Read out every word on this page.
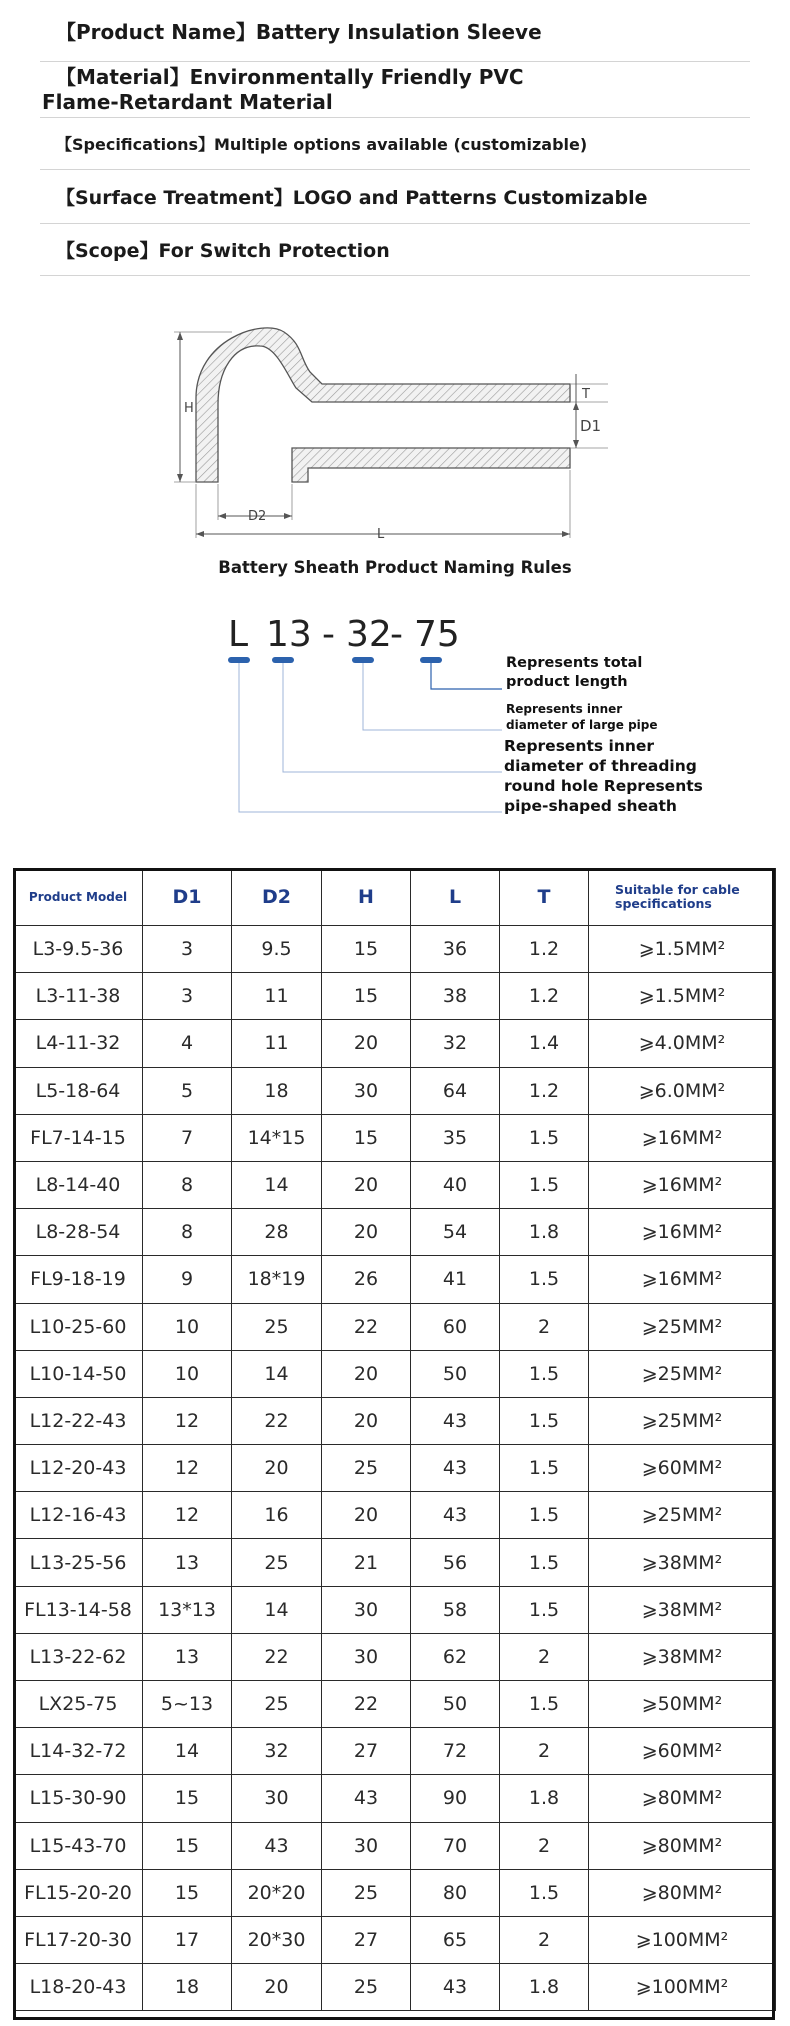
【Product Name】Battery Insulation Sleeve
【Material】Environmentally Friendly PVC
Flame-Retardant Material
【Specifications】Multiple options available (customizable)
【Surface Treatment】LOGO and Patterns Customizable
【Scope】For Switch Protection
H
D2
L
T
D1
Battery Sheath Product Naming Rules
L 13 - 32
- 75
Represents total
product length
Represents inner
diameter of large pipe
Represents inner
diameter of threading
round hole Represents
pipe-shaped sheath
Product Model	D1	D2	H	L	T	Suitable for cable specifications
L3-9.5-36	3	9.5	15	36	1.2	⩾1.5MM²
L3-11-38	3	11	15	38	1.2	⩾1.5MM²
L4-11-32	4	11	20	32	1.4	⩾4.0MM²
L5-18-64	5	18	30	64	1.2	⩾6.0MM²
FL7-14-15	7	14*15	15	35	1.5	⩾16MM²
L8-14-40	8	14	20	40	1.5	⩾16MM²
L8-28-54	8	28	20	54	1.8	⩾16MM²
FL9-18-19	9	18*19	26	41	1.5	⩾16MM²
L10-25-60	10	25	22	60	2	⩾25MM²
L10-14-50	10	14	20	50	1.5	⩾25MM²
L12-22-43	12	22	20	43	1.5	⩾25MM²
L12-20-43	12	20	25	43	1.5	⩾60MM²
L12-16-43	12	16	20	43	1.5	⩾25MM²
L13-25-56	13	25	21	56	1.5	⩾38MM²
FL13-14-58	13*13	14	30	58	1.5	⩾38MM²
L13-22-62	13	22	30	62	2	⩾38MM²
LX25-75	5~13	25	22	50	1.5	⩾50MM²
L14-32-72	14	32	27	72	2	⩾60MM²
L15-30-90	15	30	43	90	1.8	⩾80MM²
L15-43-70	15	43	30	70	2	⩾80MM²
FL15-20-20	15	20*20	25	80	1.5	⩾80MM²
FL17-20-30	17	20*30	27	65	2	⩾100MM²
L18-20-43	18	20	25	43	1.8	⩾100MM²
